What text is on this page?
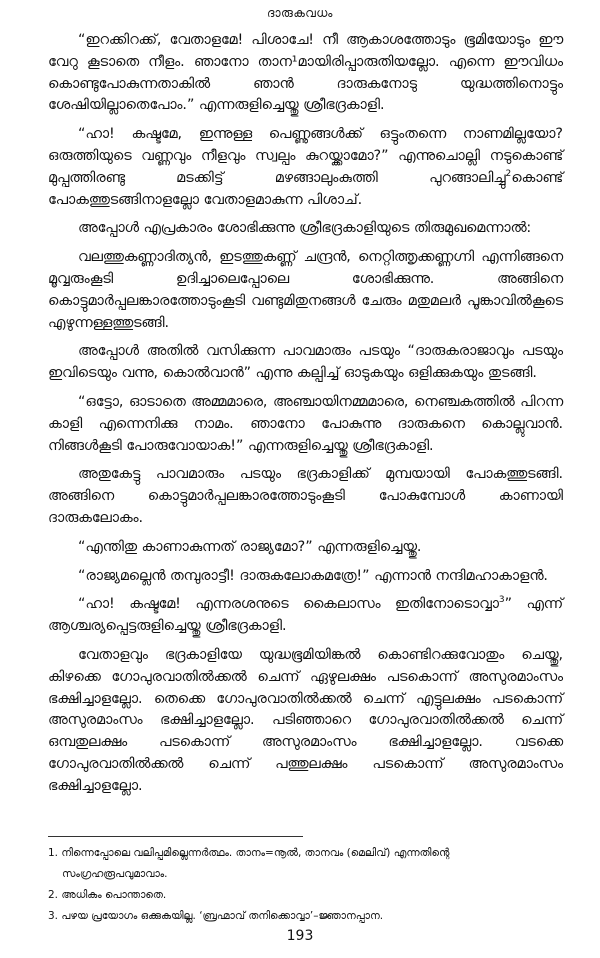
ദാരുകവധം

“ഇറക്കിറക്ക്, വേതാളമേ! പിശാചേ! നീ ആകാശത്തോടും ഭൂമിയോടും ഈ വേറു കൂടാതെ നീളം. ഞാനോ താന¹മായിരിപ്പാരുതിയല്ലോ. എന്നെ ഈവിധം കൊണ്ടുപോകുന്നതാകിൽ ഞാൻ ദാരുകനോടു യുദ്ധത്തിനൊട്ടും ശേഷിയില്ലാതെപോം.” എന്നരുളിച്ചെയ്തു ശ്രീഭദ്രകാളി.

“ഹാ! കഷ്ടമേ, ഇന്നുള്ള പെണ്ണുങ്ങൾക്ക് ഒട്ടുംതന്നെ നാണമില്ലയോ? ഒരുത്തിയുടെ വണ്ണവും നീളവും സ്വല്പം കുറയ്ക്കാമോ?” എന്നുചൊല്ലി നടുകൊണ്ട് മുപ്പത്തിരണ്ടു മടക്കിട്ട് മഴങ്ങാലുംകുത്തി പുറങ്ങാലിച്ചു$^2$കൊണ്ട് പോകത്തുടങ്ങിനാളല്ലോ വേതാളമാകുന്ന പിശാച്.

അപ്പോൾ എപ്രകാരം ശോഭിക്കുന്നു ശ്രീഭദ്രകാളിയുടെ തിരുമുഖമെന്നാൽ:

വലത്തുകണ്ണാദിത്യൻ, ഇടത്തുകണ്ണ് ചന്ദ്രൻ, നെറ്റിത്തൃക്കണ്ണഗ്നി എന്നിങ്ങനെ മൂവ്വരുംകൂടി ഉദിച്ചാലെപ്പോലെ ശോഭിക്കുന്നു. അങ്ങിനെ കൊട്ടുമാർപ്പലങ്കാരത്തോടുംകൂടി വണ്ടുമിതുനങ്ങൾ ചേരും മതുമലർ പൂങ്കാവിൽകൂടെ എഴുന്നള്ളത്തുടങ്ങി.

അപ്പോൾ അതിൽ വസിക്കുന്ന പാവമാരും പടയും “ദാരുകരാജാവും പടയും ഇവിടെയും വന്നു, കൊൽവാൻ” എന്നു കല്പിച്ച് ഓടുകയും ഒളിക്കുകയും തുടങ്ങി.

“ഒട്ടോ, ഓടാതെ അമ്മമാരെ, അഞ്ചായിനമ്മമാരെ, നെഞ്ചകത്തിൽ പിറന്ന കാളി എന്നെനിക്കു നാമം. ഞാനോ പോകുന്നു ദാരുകനെ കൊല്ലുവാൻ. നിങ്ങൾകൂടി പോരുവോയാക!” എന്നരുളിച്ചെയ്തു ശ്രീഭദ്രകാളി.

അതുകേട്ടു പാവമാരും പടയും ഭദ്രകാളിക്ക് മുമ്പയായി പോകത്തുടങ്ങി. അങ്ങിനെ കൊട്ടുമാർപ്പലങ്കാരത്തോടുംകൂടി പോകുമ്പോൾ കാണായി ദാരുകലോകം.

“എന്തിതു കാണാകുന്നത് രാജ്യമോ?” എന്നരുളിച്ചെയ്തു.

“രാജ്യമല്ലെൻ തമ്പുരാട്ടീ! ദാരുകലോകമത്രേ!” എന്നാൻ നന്ദിമഹാകാളൻ.

“ഹാ! കഷ്ടമേ! എന്നരശനുടെ കൈലാസം ഇതിനോടൊവ്വാ$^3$” എന്ന് ആശ്ചര്യപ്പെട്ടരുളിച്ചെയ്തു ശ്രീഭദ്രകാളി.

വേതാളവും ഭദ്രകാളിയേ യുദ്ധഭൂമിയിങ്കൽ കൊണ്ടിറക്കുവോതും ചെയ്തു, കിഴക്കെ ഗോപുരവാതിൽക്കൽ ചെന്ന് ഏഴുലക്ഷം പടകൊന്ന് അസുരമാംസം ഭക്ഷിച്ചാളല്ലോ. തെക്കെ ഗോപുരവാതിൽക്കൽ ചെന്ന് എട്ടുലക്ഷം പടകൊന്ന് അസുരമാംസം ഭക്ഷിച്ചാളല്ലോ. പടിഞ്ഞാറെ ഗോപുരവാതിൽക്കൽ ചെന്ന് ഒമ്പതുലക്ഷം പടകൊന്ന് അസുരമാംസം ഭക്ഷിച്ചാളല്ലോ. വടക്കെ ഗോപുരവാതിൽക്കൽ ചെന്ന് പത്തുലക്ഷം പടകൊന്ന് അസുരമാംസം ഭക്ഷിച്ചാളല്ലോ.

1. നിന്നെപ്പോലെ വലിപ്പമില്ലെന്നർത്ഥം. താനം=നൂൽ, താനവം (മെലിവ്) എന്നതിന്റെ

സംഗ്രഹരൂപവുമാവാം.

2. അധികം പൊന്താതെ.

3. പഴയ പ്രയോഗം ഒക്കുകയില്ല. ‘ബ്രഹ്മാവ് തനിക്കൊവ്വാ’–ജ്ഞാനപ്പാന.

193
